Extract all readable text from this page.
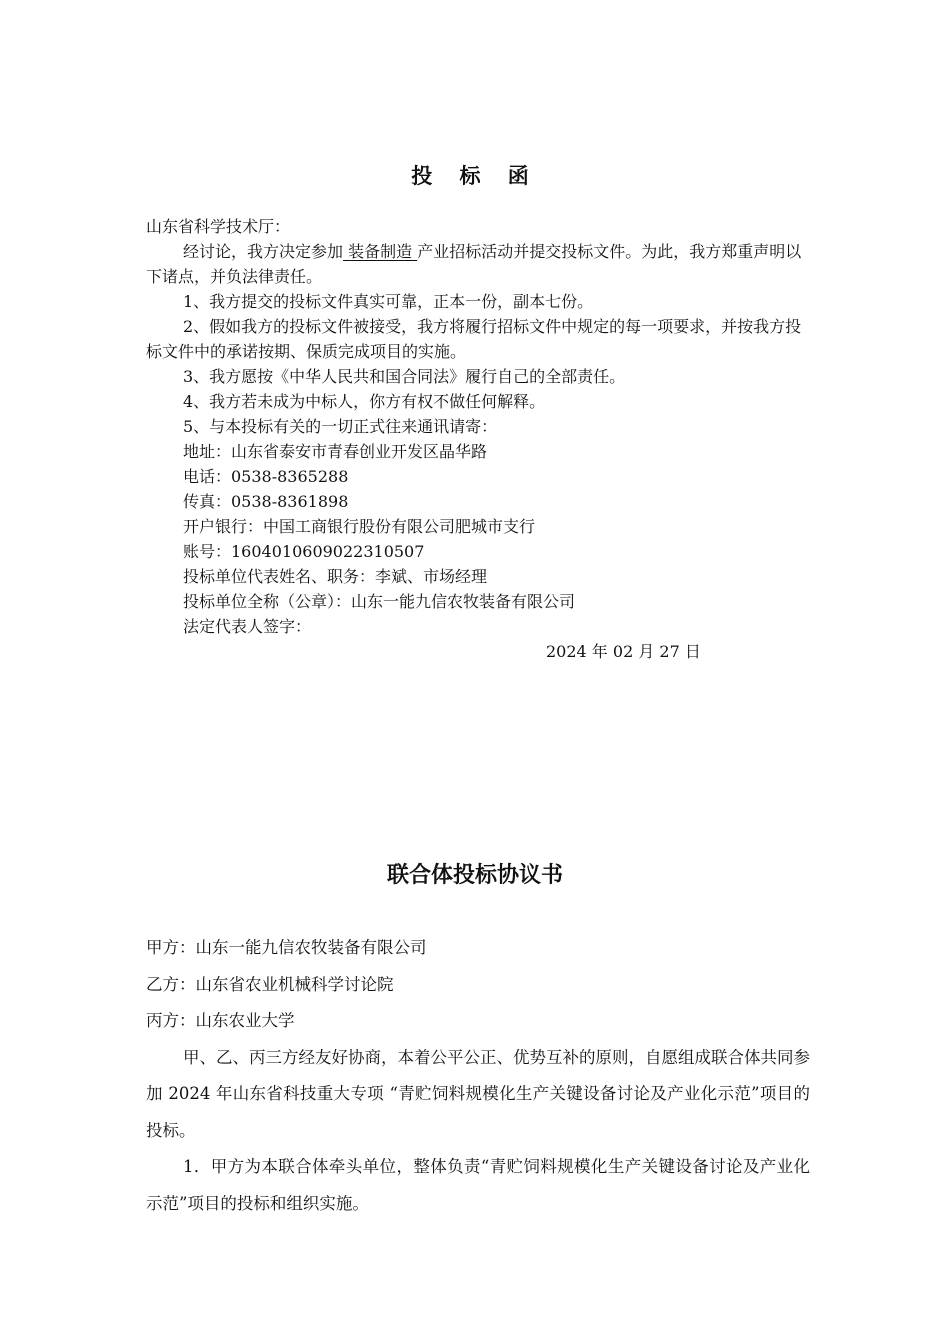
投 标 函

山东省科学技术厅：

经讨论，我方决定参加 装备制造 产业招标活动并提交投标文件。为此，我方郑重声明以下诸点，并负法律责任。

1、我方提交的投标文件真实可靠，正本一份，副本七份。

2、假如我方的投标文件被接受，我方将履行招标文件中规定的每一项要求，并按我方投标文件中的承诺按期、保质完成项目的实施。

3、我方愿按《中华人民共和国合同法》履行自己的全部责任。

4、我方若未成为中标人，你方有权不做任何解释。

5、与本投标有关的一切正式往来通讯请寄：

地址：山东省泰安市青春创业开发区晶华路

电话：0538-8365288

传真：0538-8361898

开户银行：中国工商银行股份有限公司肥城市支行

账号：1604010609022310507

投标单位代表姓名、职务：李斌、市场经理

投标单位全称（公章）：山东一能九信农牧装备有限公司

法定代表人签字：

2024 年 02 月 27 日

联合体投标协议书

甲方：山东一能九信农牧装备有限公司

乙方：山东省农业机械科学讨论院

丙方：山东农业大学

甲、乙、丙三方经友好协商，本着公平公正、优势互补的原则，自愿组成联合体共同参加 2024 年山东省科技重大专项 “青贮饲料规模化生产关键设备讨论及产业化示范”项目的投标。

1．甲方为本联合体牵头单位，整体负责“青贮饲料规模化生产关键设备讨论及产业化示范”项目的投标和组织实施。
